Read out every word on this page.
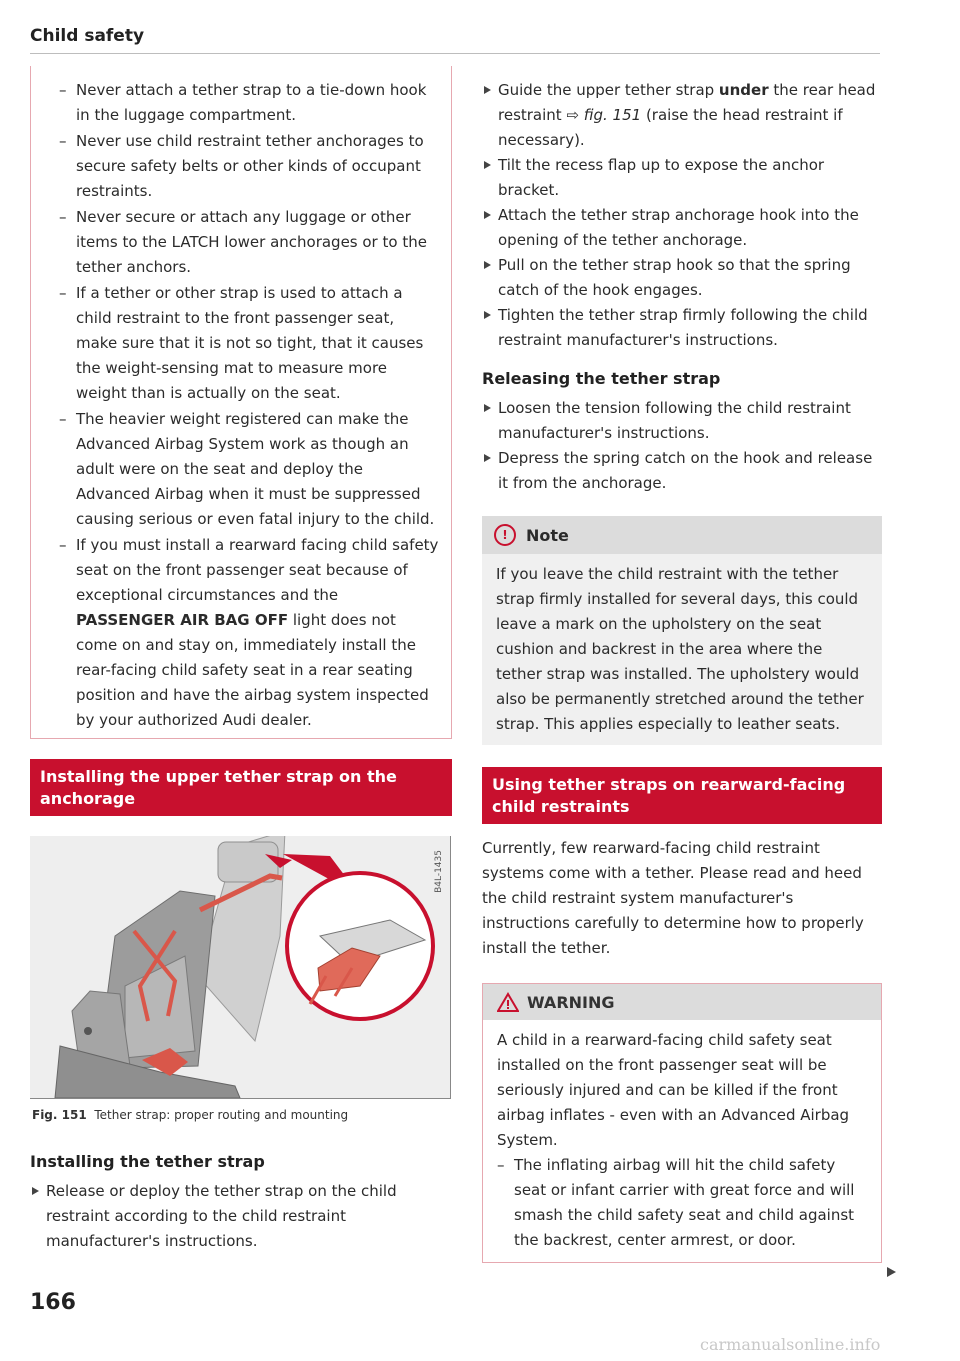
Child safety
– Never attach a tether strap to a tie-down hook in the luggage compartment.
– Never use child restraint tether anchorages to secure safety belts or other kinds of occupant restraints.
– Never secure or attach any luggage or other items to the LATCH lower anchorages or to the tether anchors.
– If a tether or other strap is used to attach a child restraint to the front passenger seat, make sure that it is not so tight, that it causes the weight-sensing mat to measure more weight than is actually on the seat.
– The heavier weight registered can make the Advanced Airbag System work as though an adult were on the seat and deploy the Advanced Airbag when it must be suppressed causing serious or even fatal injury to the child.
– If you must install a rearward facing child safety seat on the front passenger seat because of exceptional circumstances and the PASSENGER AIR BAG OFF light does not come on and stay on, immediately install the rear-facing child safety seat in a rear seating position and have the airbag system inspected by your authorized Audi dealer.
Installing the upper tether strap on the anchorage
B4L-1435
Fig. 151 Tether strap: proper routing and mounting
Installing the tether strap
Release or deploy the tether strap on the child restraint according to the child restraint manufacturer's instructions.
166
Guide the upper tether strap under the rear head restraint ⇨ fig. 151 (raise the head restraint if necessary).
Tilt the recess flap up to expose the anchor bracket.
Attach the tether strap anchorage hook into the opening of the tether anchorage.
Pull on the tether strap hook so that the spring catch of the hook engages.
Tighten the tether strap firmly following the child restraint manufacturer's instructions.
Releasing the tether strap
Loosen the tension following the child restraint manufacturer's instructions.
Depress the spring catch on the hook and release it from the anchorage.
!	Note
If you leave the child restraint with the tether strap firmly installed for several days, this could leave a mark on the upholstery on the seat cushion and backrest in the area where the tether strap was installed. The upholstery would also be permanently stretched around the tether strap. This applies especially to leather seats.
Using tether straps on rearward-facing child restraints

Currently, few rearward-facing child restraint systems come with a tether. Please read and heed the child restraint system manufacturer's instructions carefully to determine how to properly install the tether.

WARNING
A child in a rearward-facing child safety seat installed on the front passenger seat will be seriously injured and can be killed if the front airbag inflates - even with an Advanced Airbag System.
– The inflating airbag will hit the child safety seat or infant carrier with great force and will smash the child safety seat and child against the backrest, center armrest, or door.
carmanualsonline.info
